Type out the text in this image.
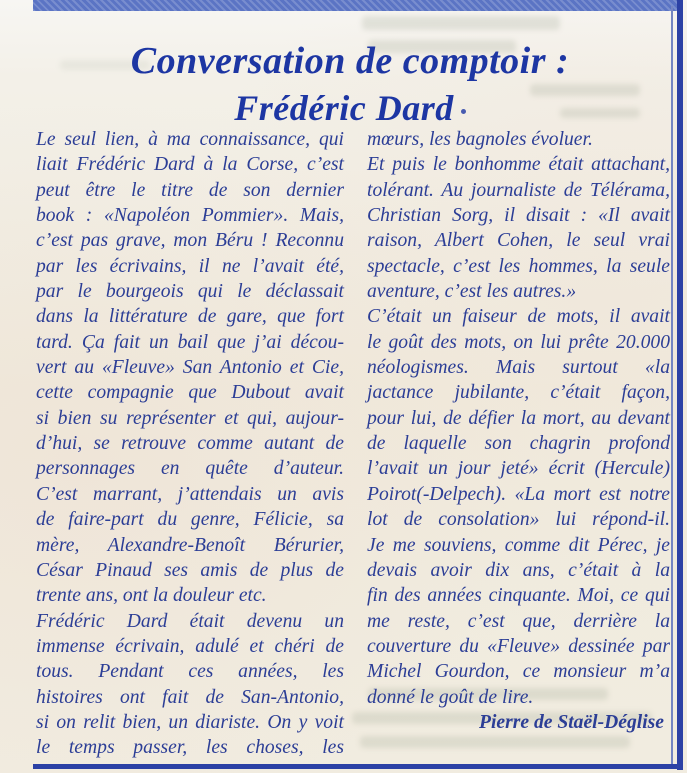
Conversation de comptoir :
Frédéric Dard
Le seul lien, à ma connaissance, qui
liait Frédéric Dard à la Corse, c’est
peut être le titre de son dernier
book : «Napoléon Pommier». Mais,
c’est pas grave, mon Béru ! Reconnu
par les écrivains, il ne l’avait été,
par le bourgeois qui le déclassait
dans la littérature de gare, que fort
tard. Ça fait un bail que j’ai décou-
vert au «Fleuve» San Antonio et Cie,
cette compagnie que Dubout avait
si bien su représenter et qui, aujour-
d’hui, se retrouve comme autant de
personnages en quête d’auteur.
C’est marrant, j’attendais un avis
de faire-part du genre, Félicie, sa
mère, Alexandre-Benoît Bérurier,
César Pinaud ses amis de plus de
trente ans, ont la douleur etc.
Frédéric Dard était devenu un
immense écrivain, adulé et chéri de
tous. Pendant ces années, les
histoires ont fait de San-Antonio,
si on relit bien, un diariste. On y voit
le temps passer, les choses, les
mœurs, les bagnoles évoluer.
Et puis le bonhomme était attachant,
tolérant. Au journaliste de Télérama,
Christian Sorg, il disait : «Il avait
raison, Albert Cohen, le seul vrai
spectacle, c’est les hommes, la seule
aventure, c’est les autres.»
C’était un faiseur de mots, il avait
le goût des mots, on lui prête 20.000
néologismes. Mais surtout «la
jactance jubilante, c’était façon,
pour lui, de défier la mort, au devant
de laquelle son chagrin profond
l’avait un jour jeté» écrit (Hercule)
Poirot(-Delpech). «La mort est notre
lot de consolation» lui répond-il.
Je me souviens, comme dit Pérec, je
devais avoir dix ans, c’était à la
fin des années cinquante. Moi, ce qui
me reste, c’est que, derrière la
couverture du «Fleuve» dessinée par
Michel Gourdon, ce monsieur m’a
donné le goût de lire.
Pierre de Staël-Déglise
